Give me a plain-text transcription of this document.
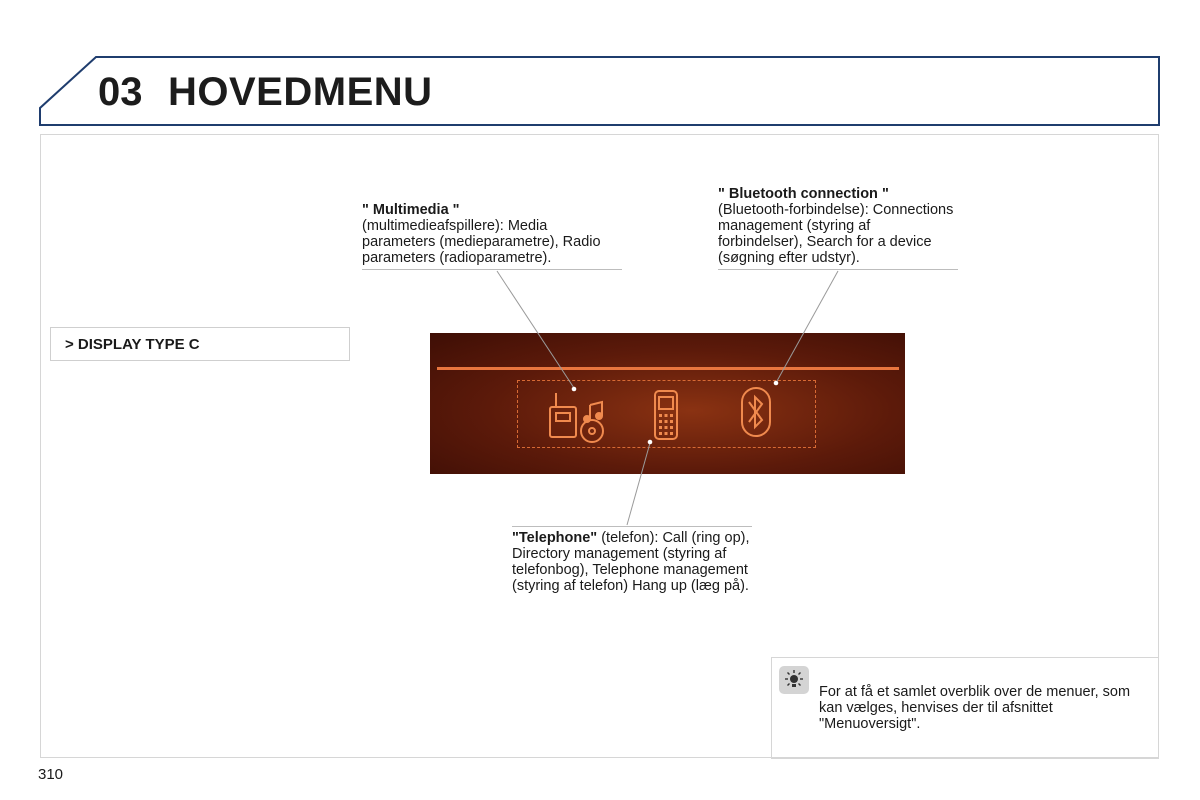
03 HOVEDMENU
> DISPLAY TYPE C
" Multimedia "
(multimedieafspillere): Media parameters (medieparametre), Radio parameters (radioparametre).
" Bluetooth connection "
(Bluetooth-forbindelse): Connections management (styring af forbindelser), Search for a device (søgning efter udstyr).
"Telephone" (telefon): Call (ring op), Directory management (styring af telefonbog), Telephone management (styring af telefon) Hang up (læg på).
For at få et samlet overblik over de menuer, som kan vælges, henvises der til afsnittet "Menuoversigt".
310
